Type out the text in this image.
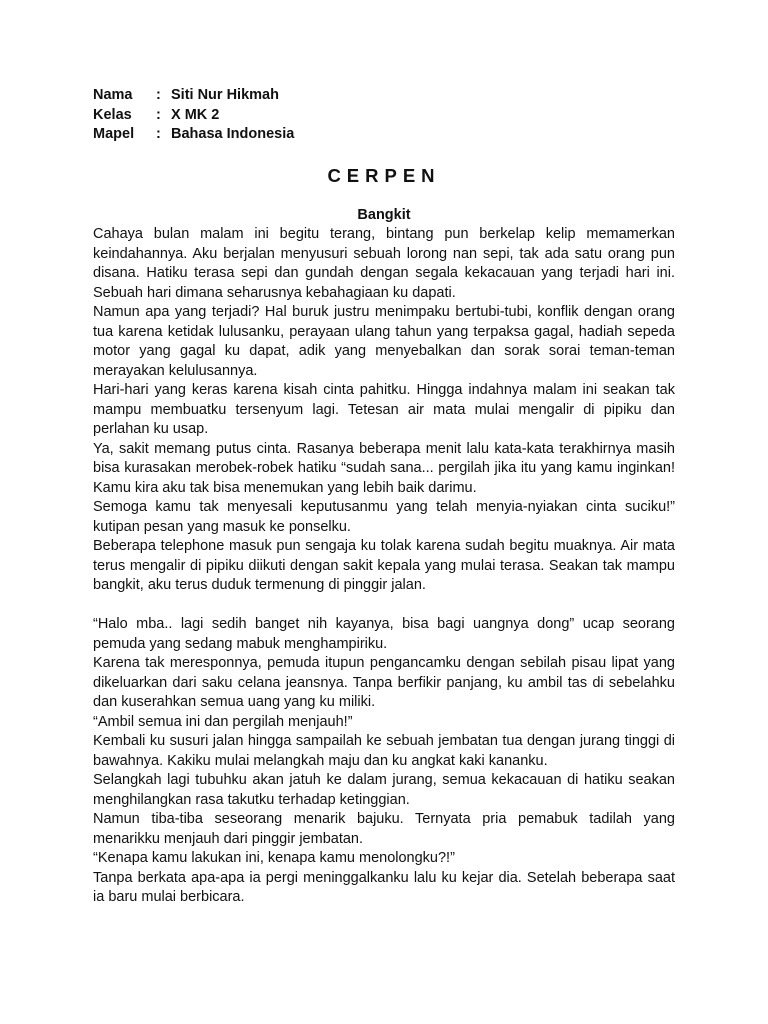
Nama	: Siti Nur Hikmah
Kelas	: X MK 2
Mapel	: Bahasa Indonesia
CERPEN
Bangkit

Cahaya bulan malam ini begitu terang, bintang pun berkelap kelip memamerkan keindahannya. Aku berjalan menyusuri sebuah lorong nan sepi, tak ada satu orang pun disana. Hatiku terasa sepi dan gundah dengan segala kekacauan yang terjadi hari ini. Sebuah hari dimana seharusnya kebahagiaan ku dapati.

Namun apa yang terjadi? Hal buruk justru menimpaku bertubi-tubi, konflik dengan orang tua karena ketidak lulusanku, perayaan ulang tahun yang terpaksa gagal, hadiah sepeda motor yang gagal ku dapat, adik yang menyebalkan dan sorak sorai teman-teman merayakan kelulusannya.

Hari-hari yang keras karena kisah cinta pahitku. Hingga indahnya malam ini seakan tak mampu membuatku tersenyum lagi. Tetesan air mata mulai mengalir di pipiku dan perlahan ku usap.

Ya, sakit memang putus cinta. Rasanya beberapa menit lalu kata-kata terakhirnya masih bisa kurasakan merobek-robek hatiku “sudah sana... pergilah jika itu yang kamu inginkan! Kamu kira aku tak bisa menemukan yang lebih baik darimu.

Semoga kamu tak menyesali keputusanmu yang telah menyia-nyiakan cinta suciku!” kutipan pesan yang masuk ke ponselku.

Beberapa telephone masuk pun sengaja ku tolak karena sudah begitu muaknya. Air mata terus mengalir di pipiku diikuti dengan sakit kepala yang mulai terasa. Seakan tak mampu bangkit, aku terus duduk termenung di pinggir jalan.

“Halo mba.. lagi sedih banget nih kayanya, bisa bagi uangnya dong” ucap seorang pemuda yang sedang mabuk menghampiriku.

Karena tak meresponnya, pemuda itupun pengancamku dengan sebilah pisau lipat yang dikeluarkan dari saku celana jeansnya. Tanpa berfikir panjang, ku ambil tas di sebelahku dan kuserahkan semua uang yang ku miliki.

“Ambil semua ini dan pergilah menjauh!”

Kembali ku susuri jalan hingga sampailah ke sebuah jembatan tua dengan jurang tinggi di bawahnya. Kakiku mulai melangkah maju dan ku angkat kaki kananku.

Selangkah lagi tubuhku akan jatuh ke dalam jurang, semua kekacauan di hatiku seakan menghilangkan rasa takutku terhadap ketinggian.

Namun tiba-tiba seseorang menarik bajuku. Ternyata pria pemabuk tadilah yang menarikku menjauh dari pinggir jembatan.

“Kenapa kamu lakukan ini, kenapa kamu menolongku?!”

Tanpa berkata apa-apa ia pergi meninggalkanku lalu ku kejar dia. Setelah beberapa saat ia baru mulai berbicara.
